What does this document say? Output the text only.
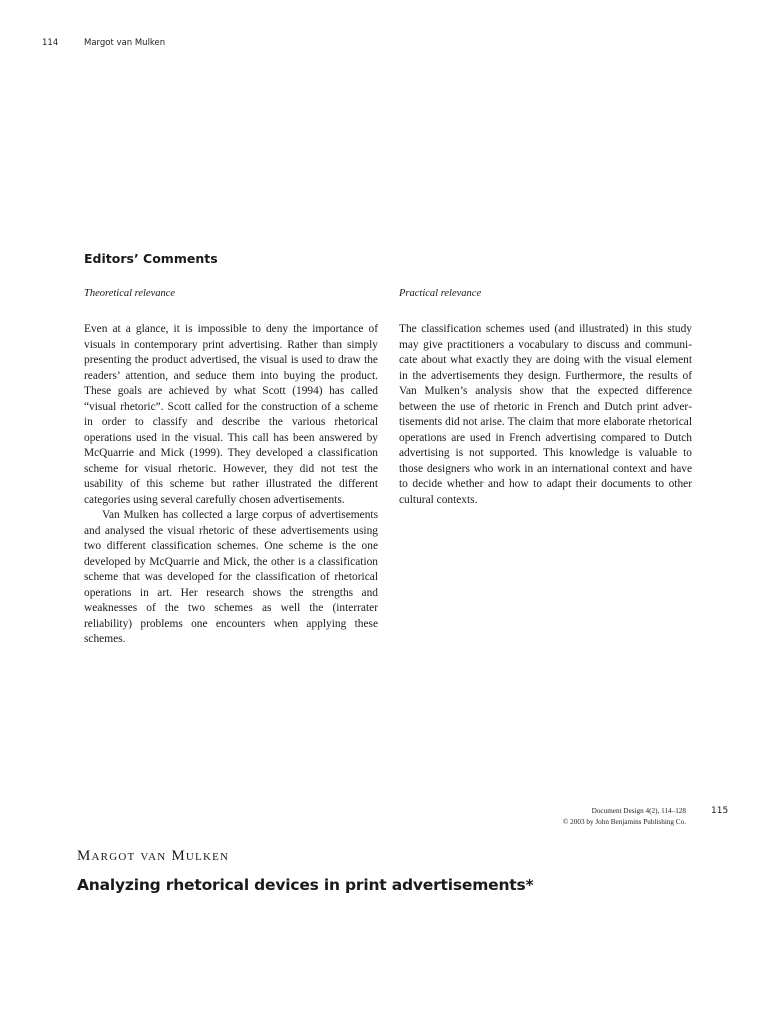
114	Margot van Mulken
Editors’ Comments
Theoretical relevance

Even at a glance, it is impossible to deny the importance of visuals in contemporary print advertising. Rather than simply presenting the product advertised, the visual is used to draw the readers’ attention, and seduce them into buying the product. These goals are achieved by what Scott (1994) has called “visual rhetoric”. Scott called for the construction of a scheme in order to classify and describe the various rhetorical operations used in the visual. This call has been answered by McQuarrie and Mick (1999). They developed a classification scheme for visual rhetoric. However, they did not test the usability of this scheme but rather illustrated the different categories using several carefully chosen advertisements.

Van Mulken has collected a large corpus of advertisements and analysed the visual rhetoric of these advertisements using two different classification schemes. One scheme is the one developed by McQuarrie and Mick, the other is a classification scheme that was developed for the classification of rhetorical operations in art. Her research shows the strengths and weaknesses of the two schemes as well the (interrater reliability) problems one encounters when applying these schemes.

Practical relevance

The classification schemes used (and illustrated) in this study may give practitioners a vocabulary to discuss and communicate about what exactly they are doing with the visual element in the advertisements they design. Furthermore, the results of Van Mulken’s analysis show that the expected difference between the use of rhetoric in French and Dutch print advertisements did not arise. The claim that more elaborate rhetorical operations are used in French advertising compared to Dutch advertising is not supported. This knowledge is valuable to those designers who work in an international context and have to decide whether and how to adapt their documents to other cultural contexts.

Document Design 4(2), 114–128
© 2003 by John Benjamins Publishing Co.
115
Margot van Mulken
Analyzing rhetorical devices in print advertisements*
